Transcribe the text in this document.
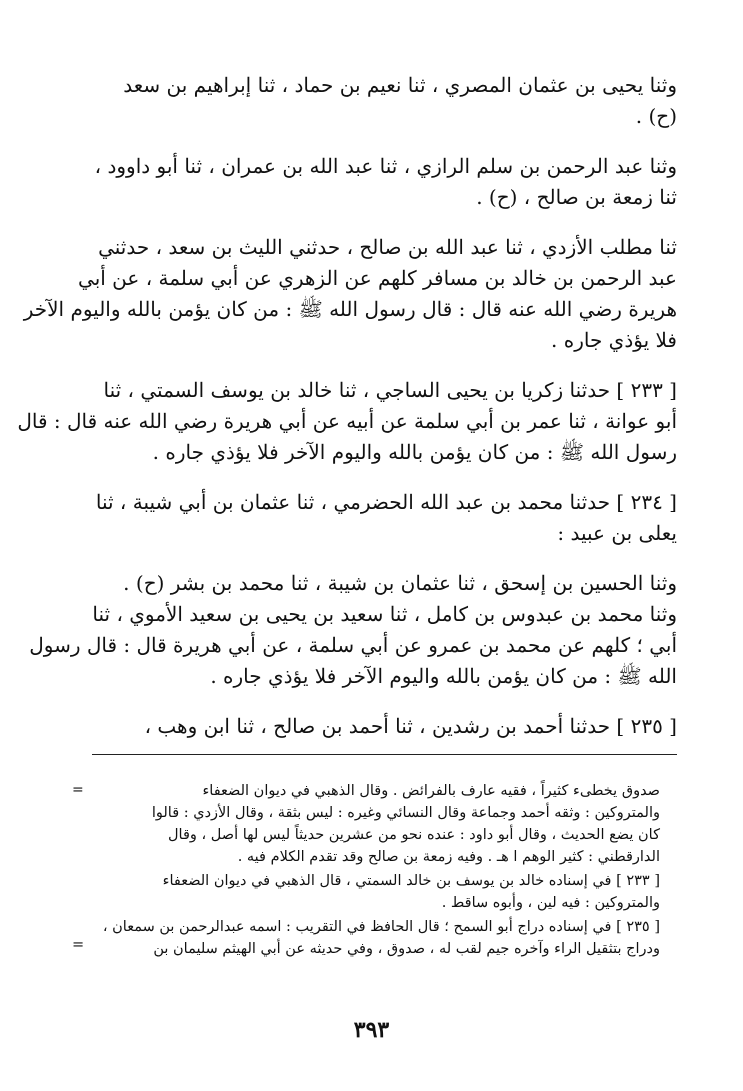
وثنا يحيى بن عثمان المصري ، ثنا نعيم بن حماد ، ثنا إبراهيم بن سعد
(ح) .
وثنا عبد الرحمن بن سلم الرازي ، ثنا عبد الله بن عمران ، ثنا أبو داوود ،
ثنا زمعة بن صالح ، (ح) .
ثنا مطلب الأزدي ، ثنا عبد الله بن صالح ، حدثني الليث بن سعد ، حدثني
عبد الرحمن بن خالد بن مسافر كلهم عن الزهري عن أبي سلمة ، عن أبي
هريرة رضي الله عنه قال : قال رسول الله ﷺ : من كان يؤمن بالله واليوم الآخر
فلا يؤذي جاره .
[ ٢٣٣ ] حدثنا زكريا بن يحيى الساجي ، ثنا خالد بن يوسف السمتي ، ثنا
أبو عوانة ، ثنا عمر بن أبي سلمة عن أبيه عن أبي هريرة رضي الله عنه قال : قال
رسول الله ﷺ : من كان يؤمن بالله واليوم الآخر فلا يؤذي جاره .
[ ٢٣٤ ] حدثنا محمد بن عبد الله الحضرمي ، ثنا عثمان بن أبي شيبة ، ثنا
يعلى بن عبيد :
وثنا الحسين بن إسحق ، ثنا عثمان بن شيبة ، ثنا محمد بن بشر (ح) .
وثنا محمد بن عبدوس بن كامل ، ثنا سعيد بن يحيى بن سعيد الأموي ، ثنا
أبي ؛ كلهم عن محمد بن عمرو عن أبي سلمة ، عن أبي هريرة قال : قال رسول
الله ﷺ : من كان يؤمن بالله واليوم الآخر فلا يؤذي جاره .
[ ٢٣٥ ] حدثنا أحمد بن رشدين ، ثنا أحمد بن صالح ، ثنا ابن وهب ،
=	صدوق يخطىء كثيراً ، فقيه عارف بالفرائض . وقال الذهبي في ديوان الضعفاء
والمتروكين : وثقه أحمد وجماعة وقال النسائي وغيره : ليس بثقة ، وقال الأزدي : قالوا
كان يضع الحديث ، وقال أبو داود : عنده نحو من عشرين حديثاً ليس لها أصل ، وقال
الدارقطني : كثير الوهم ا هـ . وفيه زمعة بن صالح وقد تقدم الكلام فيه .
[ ٢٣٣ ] في إسناده خالد بن يوسف بن خالد السمتي ، قال الذهبي في ديوان الضعفاء
والمتروكين : فيه لين ، وأبوه ساقط .
[ ٢٣٥ ] في إسناده دراج أبو السمح ؛ قال الحافظ في التقريب : اسمه عبدالرحمن بن سمعان ،
ودراج بتثقيل الراء وآخره جيم لقب له ، صدوق ، وفي حديثه عن أبي الهيثم سليمان بن
=
٣٩٣
